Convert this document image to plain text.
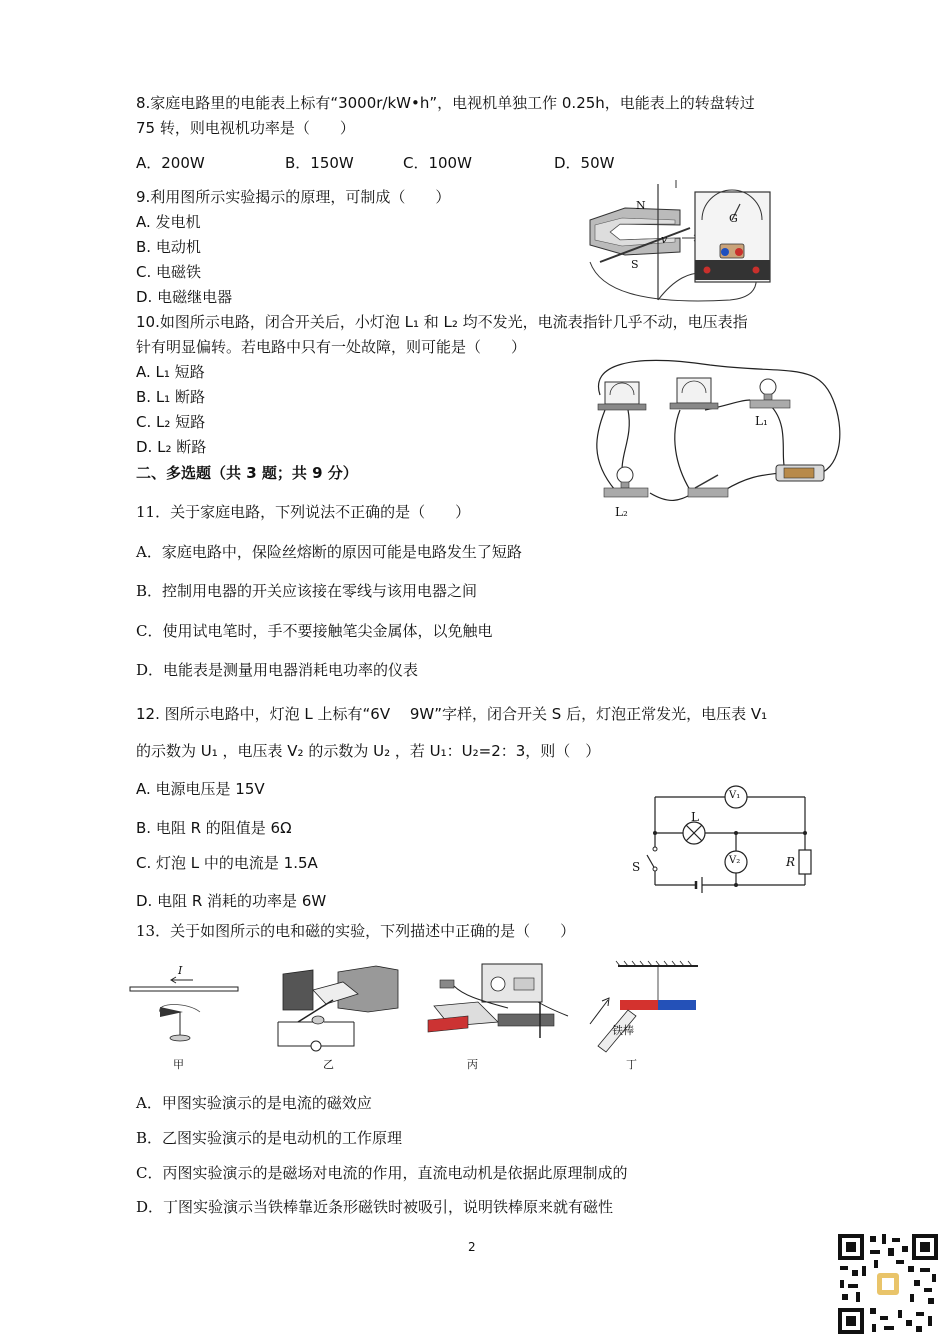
8.家庭电路里的电能表上标有“3000r/kW•h”，电视机单独工作 0.25h，电能表上的转盘转过
75 转，则电视机功率是（　　）
A．200W	B．150W	C．100W	D．50W
9.利用图所示实验揭示的原理，可制成（　　）
A. 发电机
B. 电动机
C. 电磁铁
D. 电磁继电器
N
S
v
G
10.如图所示电路，闭合开关后，小灯泡 L₁ 和 L₂ 均不发光，电流表指针几乎不动，电压表指
针有明显偏转。若电路中只有一处故障，则可能是（　　）
A. L₁ 短路
B. L₁ 断路
C. L₂ 短路
D. L₂ 断路
L₁
L₂
二、多选题（共 3 题；共 9 分）
11．关于家庭电路，下列说法不正确的是（　　）
A．家庭电路中，保险丝熔断的原因可能是电路发生了短路
B．控制用电器的开关应该接在零线与该用电器之间
C．使用试电笔时，手不要接触笔尖金属体，以免触电
D．电能表是测量用电器消耗电功率的仪表
12. 图所示电路中，灯泡 L 上标有“6V　 9W”字样，闭合开关 S 后，灯泡正常发光，电压表 V₁
的示数为 U₁ ，电压表 V₂ 的示数为 U₂ ，若 U₁：U₂=2：3，则（　）
A. 电源电压是 15V
B. 电阻 R 的阻值是 6Ω
C. 灯泡 L 中的电流是 1.5A
D. 电阻 R 消耗的功率是 6W
L
V₁
V₂
S	R
13．关于如图所示的电和磁的实验，下列描述中正确的是（　　）
I
铁棒
甲	乙	丙	丁
A．甲图实验演示的是电流的磁效应
B．乙图实验演示的是电动机的工作原理
C．丙图实验演示的是磁场对电流的作用，直流电动机是依据此原理制成的
D．丁图实验演示当铁棒靠近条形磁铁时被吸引，说明铁棒原来就有磁性
2
